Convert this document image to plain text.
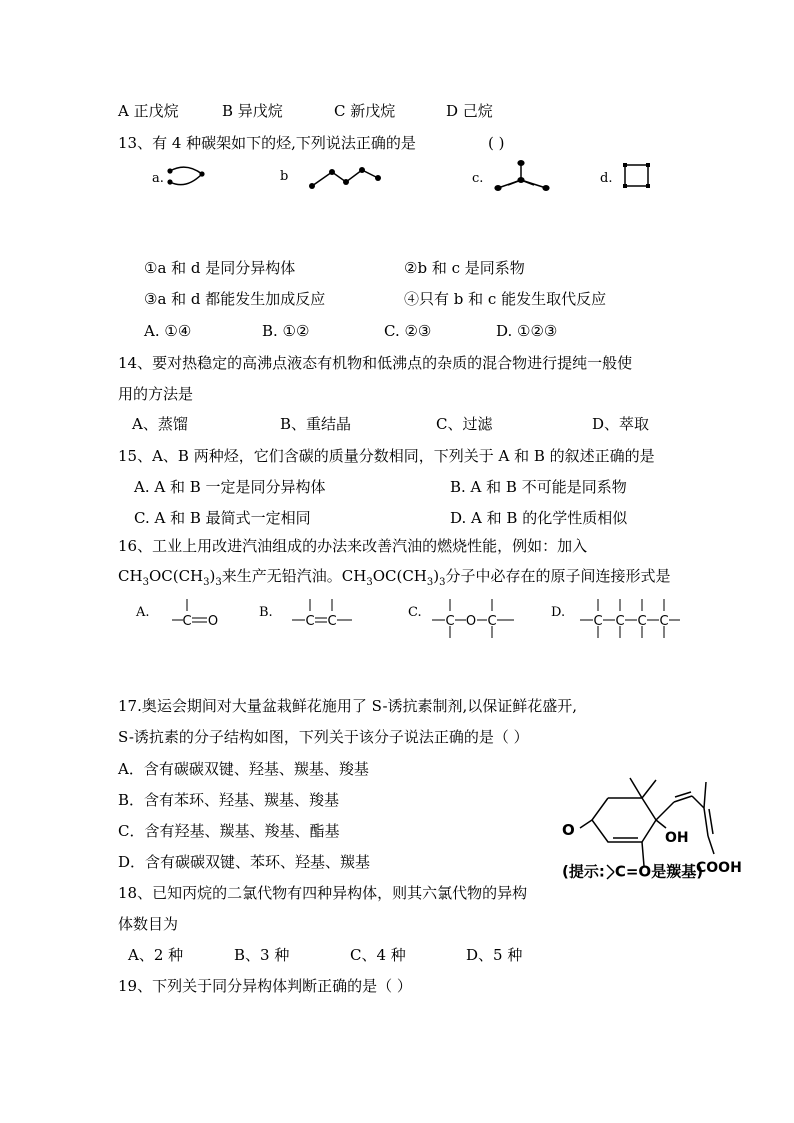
A 正戊烷	B 异戊烷	C 新戊烷	D 己烷
13、有 4 种碳架如下的烃,下列说法正确的是	( )
a.	b	c.	d.
①a 和 d 是同分异构体	②b 和 c 是同系物
③a 和 d 都能发生加成反应	④只有 b 和 c 能发生取代反应
A. ①④	B. ①②	C. ②③	D. ①②③
14、要对热稳定的高沸点液态有机物和低沸点的杂质的混合物进行提纯一般使
用的方法是
A、蒸馏	B、重结晶	C、过滤	D、萃取
15、A、B 两种烃，它们含碳的质量分数相同，下列关于 A 和 B 的叙述正确的是
A. A 和 B 一定是同分异构体	B. A 和 B 不可能是同系物
C. A 和 B 最简式一定相同	D. A 和 B 的化学性质相似
16、工业上用改进汽油组成的办法来改善汽油的燃烧性能，例如：加入
$CH_3OC(CH_3)_3$来生产无铅汽油。$CH_3OC(CH_3)_3$分子中必存在的原子间连接形式是
A.
C O
B.
C C
C.
C O C
D.
C C C C
17.奥运会期间对大量盆栽鲜花施用了 S-诱抗素制剂,以保证鲜花盛开,
S-诱抗素的分子结构如图，下列关于该分子说法正确的是（ ）
A．含有碳碳双键、羟基、羰基、羧基
B．含有苯环、羟基、羰基、羧基
C．含有羟基、羰基、羧基、酯基
D．含有碳碳双键、苯环、羟基、羰基
O	OH
COOH
(提示: C=O是羰基)
18、已知丙烷的二氯代物有四种异构体，则其六氯代物的异构
体数目为
A、2 种	B、3 种	C、4 种	D、5 种
19、下列关于同分异构体判断正确的是（ ）
